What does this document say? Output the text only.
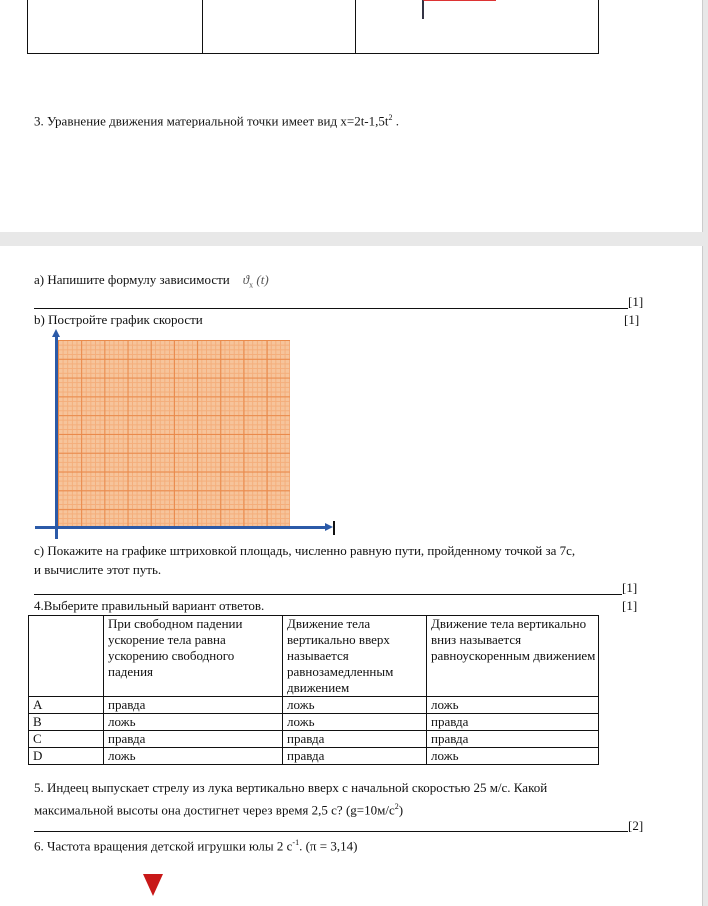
3. Уравнение движения материальной точки имеет вид $x=2t-1,5t^2$ .
a) Напишите формулу зависимости $ϑ_x$ (t)
[1]
b) Постройте график скорости	[1]
c) Покажите на графике штриховкой площадь, численно равную пути, пройденному точкой за 7с,
и вычислите этот путь.
[1]
4.Выберите правильный вариант ответов.	[1]
	При свободном падении ускорение тела равна ускорению свободного падения	Движение тела вертикально вверх называется равнозамедленным движением	Движение тела вертикально вниз называется равноускоренным движением
A	правда	ложь	ложь
B	ложь	ложь	правда
C	правда	правда	правда
D	ложь	правда	ложь
5. Индеец выпускает стрелу из лука вертикально вверх с начальной скоростью 25 м/с. Какой
максимальной высоты она достигнет через время 2,5 с? $(g=10м/с^2)$
[2]
6. Частота вращения детской игрушки юлы 2 $с^{-1}$. (π = 3,14)
